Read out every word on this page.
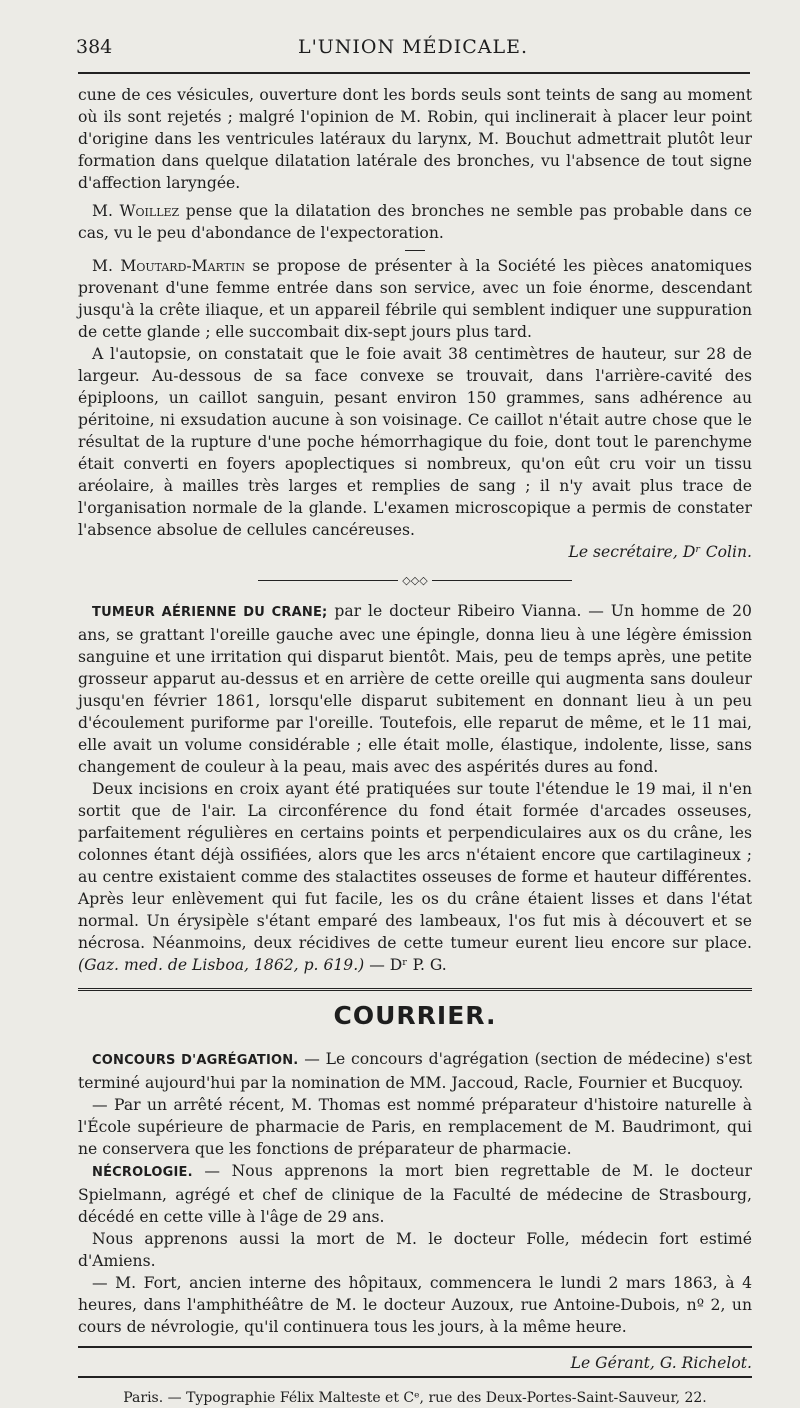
384	L'UNION MÉDICALE.

cune de ces vésicules, ouverture dont les bords seuls sont teints de sang au moment où ils sont rejetés ; malgré l'opinion de M. Robin, qui inclinerait à placer leur point d'origine dans les ventricules latéraux du larynx, M. Bouchut admettrait plutôt leur formation dans quelque dilatation latérale des bronches, vu l'absence de tout signe d'affection laryngée.

M. Woillez pense que la dilatation des bronches ne semble pas probable dans ce cas, vu le peu d'abondance de l'expectoration.

M. Moutard-Martin se propose de présenter à la Société les pièces anatomiques provenant d'une femme entrée dans son service, avec un foie énorme, descendant jusqu'à la crête iliaque, et un appareil fébrile qui semblent indiquer une suppuration de cette glande ; elle succombait dix-sept jours plus tard.

A l'autopsie, on constatait que le foie avait 38 centimètres de hauteur, sur 28 de largeur. Au-dessous de sa face convexe se trouvait, dans l'arrière-cavité des épiploons, un caillot sanguin, pesant environ 150 grammes, sans adhérence au péritoine, ni exsudation aucune à son voisinage. Ce caillot n'était autre chose que le résultat de la rupture d'une poche hémorrhagique du foie, dont tout le parenchyme était converti en foyers apoplectiques si nombreux, qu'on eût cru voir un tissu aréolaire, à mailles très larges et remplies de sang ; il n'y avait plus trace de l'organisation normale de la glande. L'examen microscopique a permis de constater l'absence absolue de cellules cancéreuses.

Le secrétaire, Dʳ Colin.

◇◇◇

TUMEUR AÉRIENNE DU CRANE; par le docteur Ribeiro Vianna. — Un homme de 20 ans, se grattant l'oreille gauche avec une épingle, donna lieu à une légère émission sanguine et une irritation qui disparut bientôt. Mais, peu de temps après, une petite grosseur apparut au-dessus et en arrière de cette oreille qui augmenta sans douleur jusqu'en février 1861, lorsqu'elle disparut subitement en donnant lieu à un peu d'écoulement puriforme par l'oreille. Toutefois, elle reparut de même, et le 11 mai, elle avait un volume considérable ; elle était molle, élastique, indolente, lisse, sans changement de couleur à la peau, mais avec des aspérités dures au fond.

Deux incisions en croix ayant été pratiquées sur toute l'étendue le 19 mai, il n'en sortit que de l'air. La circonférence du fond était formée d'arcades osseuses, parfaitement régulières en certains points et perpendiculaires aux os du crâne, les colonnes étant déjà ossifiées, alors que les arcs n'étaient encore que cartilagineux ; au centre existaient comme des stalactites osseuses de forme et hauteur différentes. Après leur enlèvement qui fut facile, les os du crâne étaient lisses et dans l'état normal. Un érysipèle s'étant emparé des lambeaux, l'os fut mis à découvert et se nécrosa. Néanmoins, deux récidives de cette tumeur eurent lieu encore sur place. (Gaz. med. de Lisboa, 1862, p. 619.) — Dʳ P. G.

COURRIER.

CONCOURS D'AGRÉGATION. — Le concours d'agrégation (section de médecine) s'est terminé aujourd'hui par la nomination de MM. Jaccoud, Racle, Fournier et Bucquoy.

— Par un arrêté récent, M. Thomas est nommé préparateur d'histoire naturelle à l'École supérieure de pharmacie de Paris, en remplacement de M. Baudrimont, qui ne conservera que les fonctions de préparateur de pharmacie.

NÉCROLOGIE. — Nous apprenons la mort bien regrettable de M. le docteur Spielmann, agrégé et chef de clinique de la Faculté de médecine de Strasbourg, décédé en cette ville à l'âge de 29 ans.

Nous apprenons aussi la mort de M. le docteur Folle, médecin fort estimé d'Amiens.

— M. Fort, ancien interne des hôpitaux, commencera le lundi 2 mars 1863, à 4 heures, dans l'amphithéâtre de M. le docteur Auzoux, rue Antoine-Dubois, nº 2, un cours de névrologie, qu'il continuera tous les jours, à la même heure.

Le Gérant, G. Richelot.

Paris. — Typographie Félix Malteste et Cᵉ, rue des Deux-Portes-Saint-Sauveur, 22.
